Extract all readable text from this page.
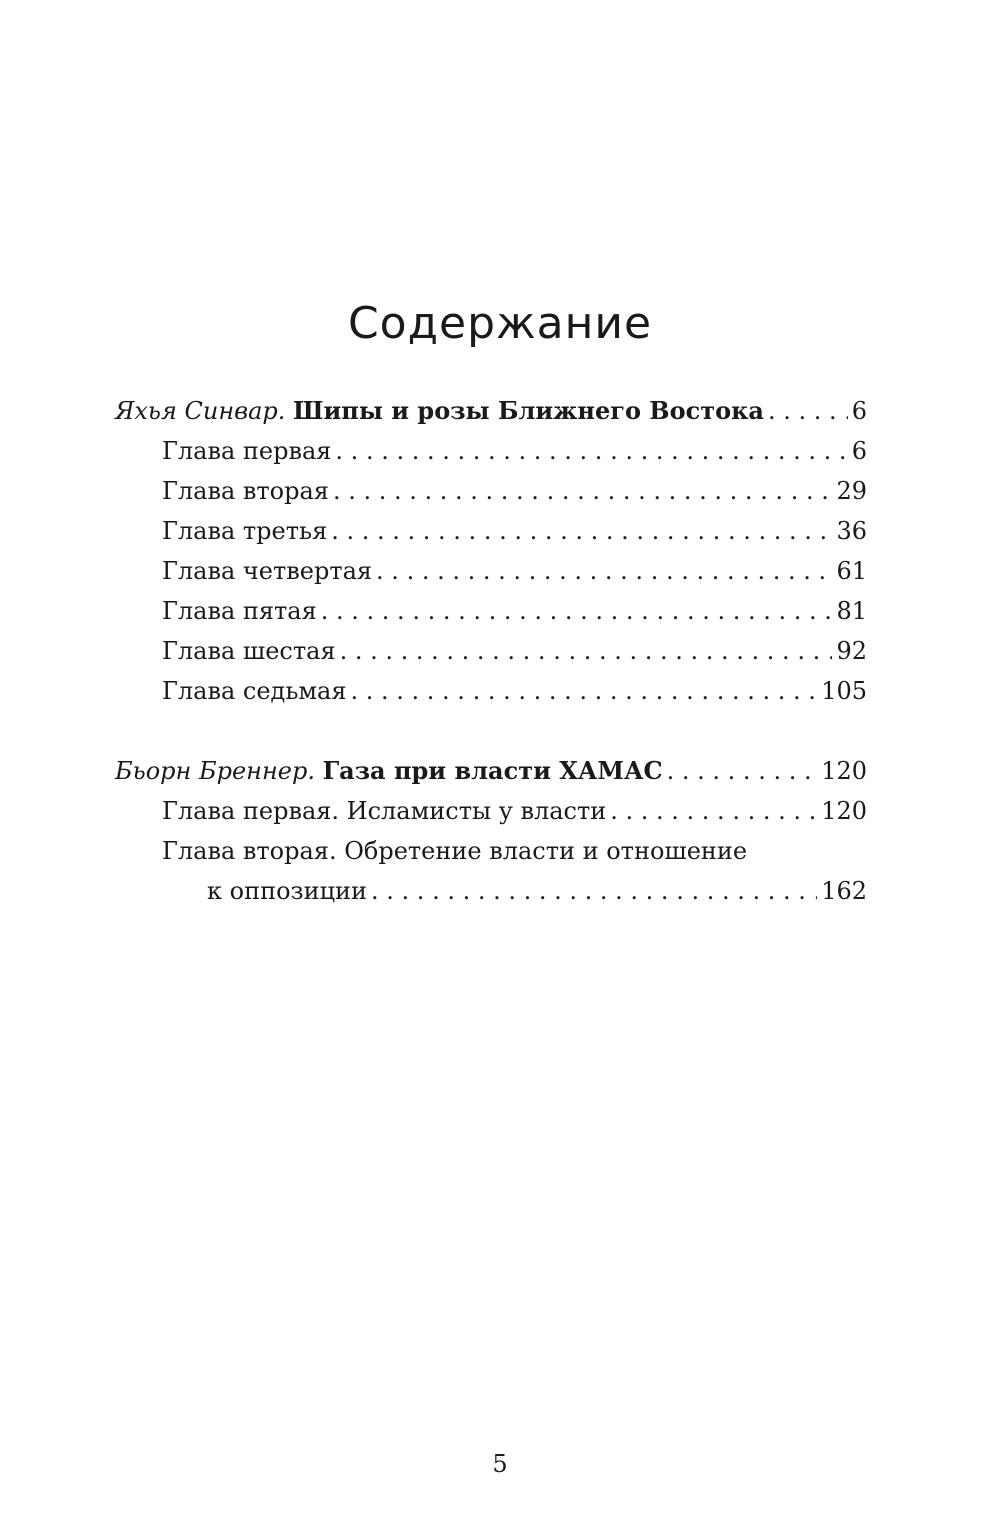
Содержание
Яхья Синвар. Шипы и розы Ближнего Востока . . .	6
Глава первая . . .	6
Глава вторая . . .	29
Глава третья . . .	36
Глава четвертая . . .	61
Глава пятая . . .	81
Глава шестая . . .	92
Глава седьмая . . .	105
Бьорн Бреннер. Газа при власти ХАМАС . . .	120
Глава первая. Исламисты у власти . . .	120
Глава вторая. Обретение власти и отношение
к оппозиции . . .	162
5
